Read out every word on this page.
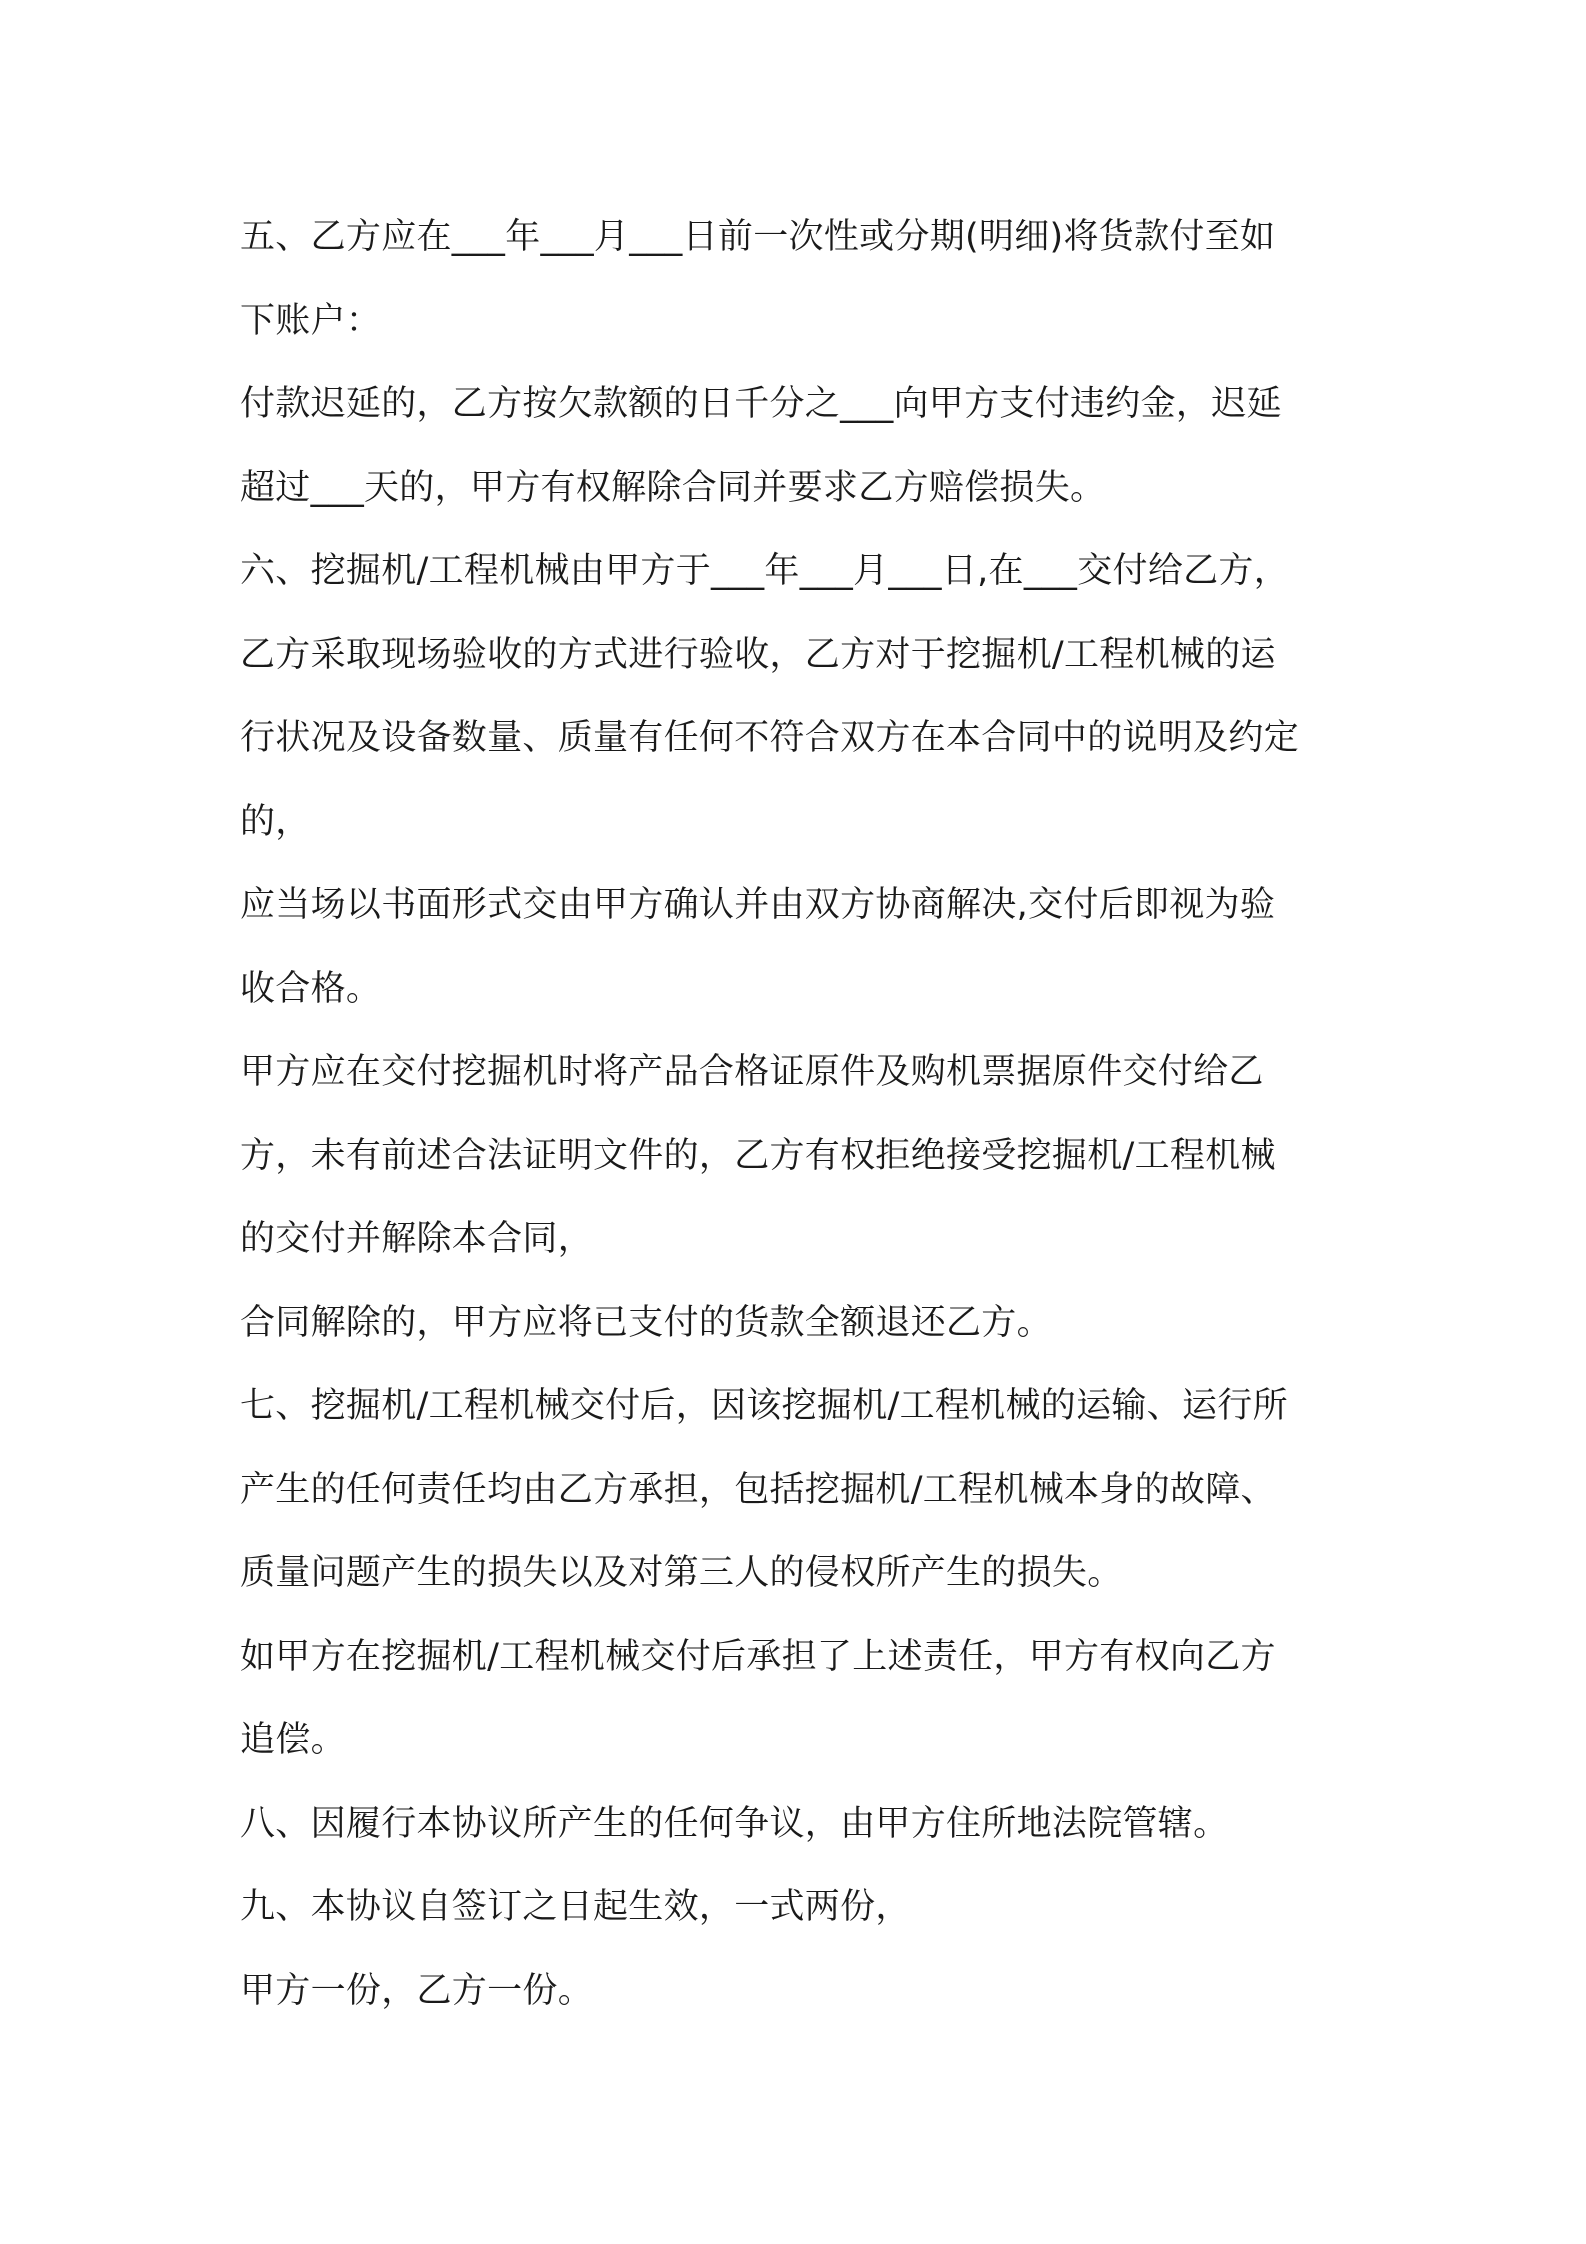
五、乙方应在___年___月___日前一次性或分期(明细)将货款付至如
下账户：
付款迟延的，乙方按欠款额的日千分之___向甲方支付违约金，迟延
超过___天的，甲方有权解除合同并要求乙方赔偿损失。
六、挖掘机/工程机械由甲方于___年___月___日,在___交付给乙方，
乙方采取现场验收的方式进行验收，乙方对于挖掘机/工程机械的运
行状况及设备数量、质量有任何不符合双方在本合同中的说明及约定
的，
应当场以书面形式交由甲方确认并由双方协商解决,交付后即视为验
收合格。
甲方应在交付挖掘机时将产品合格证原件及购机票据原件交付给乙
方，未有前述合法证明文件的，乙方有权拒绝接受挖掘机/工程机械
的交付并解除本合同，
合同解除的，甲方应将已支付的货款全额退还乙方。
七、挖掘机/工程机械交付后，因该挖掘机/工程机械的运输、运行所
产生的任何责任均由乙方承担，包括挖掘机/工程机械本身的故障、
质量问题产生的损失以及对第三人的侵权所产生的损失。
如甲方在挖掘机/工程机械交付后承担了上述责任，甲方有权向乙方
追偿。
八、因履行本协议所产生的任何争议，由甲方住所地法院管辖。
九、本协议自签订之日起生效，一式两份，
甲方一份，乙方一份。
